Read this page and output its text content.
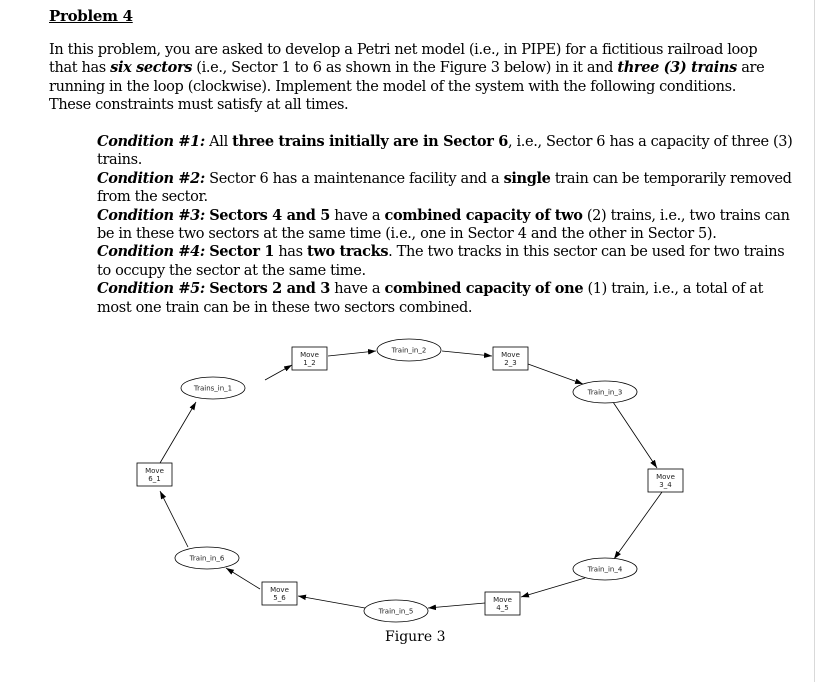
Problem 4
In this problem, you are asked to develop a Petri net model (i.e., in PIPE) for a fictitious railroad loop that has six sectors (i.e., Sector 1 to 6 as shown in the Figure 3 below) in it and three (3) trains are running in the loop (clockwise). Implement the model of the system with the following conditions. These constraints must satisfy at all times.

Condition #1: All three trains initially are in Sector 6, i.e., Sector 6 has a capacity of three (3) trains.

Condition #2: Sector 6 has a maintenance facility and a single train can be temporarily removed from the sector.

Condition #3: Sectors 4 and 5 have a combined capacity of two (2) trains, i.e., two trains can be in these two sectors at the same time (i.e., one in Sector 4 and the other in Sector 5).

Condition #4: Sector 1 has two tracks. The two tracks in this sector can be used for two trains to occupy the sector at the same time.

Condition #5: Sectors 2 and 3 have a combined capacity of one (1) train, i.e., a total of at most one train can be in these two sectors combined.

Trains_in_1
Train_in_2
Train_in_3
Train_in_4
Train_in_5
Train_in_6
Move
1_2
Move
2_3
Move
3_4
Move
4_5
Move
5_6
Move
6_1
Figure 3
